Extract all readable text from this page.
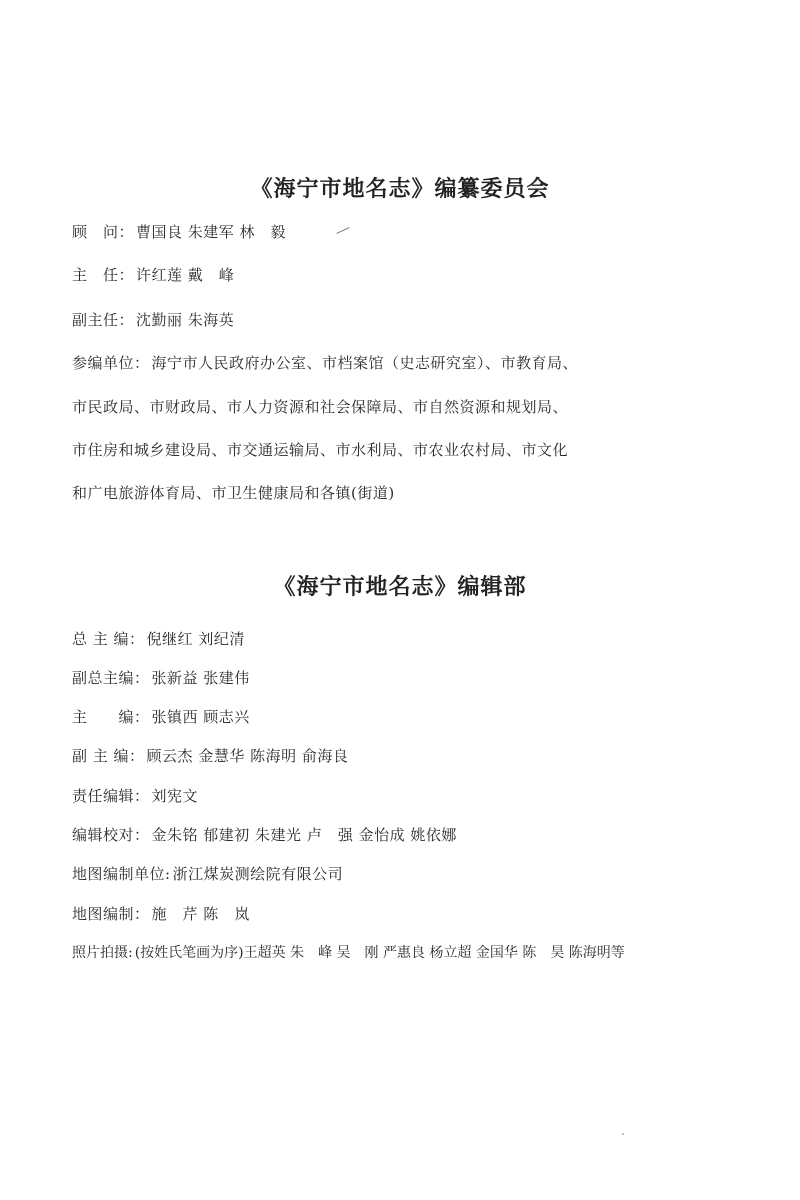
《海宁市地名志》编纂委员会
顾　问： 曹国良 朱建军 林　毅
主　任： 许红莲 戴　峰
副主任： 沈勤丽 朱海英
参编单位： 海宁市人民政府办公室、市档案馆（史志研究室）、市教育局、
市民政局、市财政局、市人力资源和社会保障局、市自然资源和规划局、
市住房和城乡建设局、市交通运输局、市水利局、市农业农村局、市文化
和广电旅游体育局、市卫生健康局和各镇(街道)
《海宁市地名志》编辑部
总 主 编： 倪继红 刘纪清
副总主编： 张新益 张建伟
主　　编： 张镇西 顾志兴
副 主 编： 顾云杰 金慧华 陈海明 俞海良
责任编辑： 刘宪文
编辑校对： 金朱铭 郁建初 朱建光 卢　强 金怡成 姚依娜
地图编制单位: 浙江煤炭测绘院有限公司
地图编制： 施　芹 陈　岚
照片拍摄: (按姓氏笔画为序)王超英 朱　峰 吴　刚 严惠良 杨立超 金国华 陈　昊 陈海明等
